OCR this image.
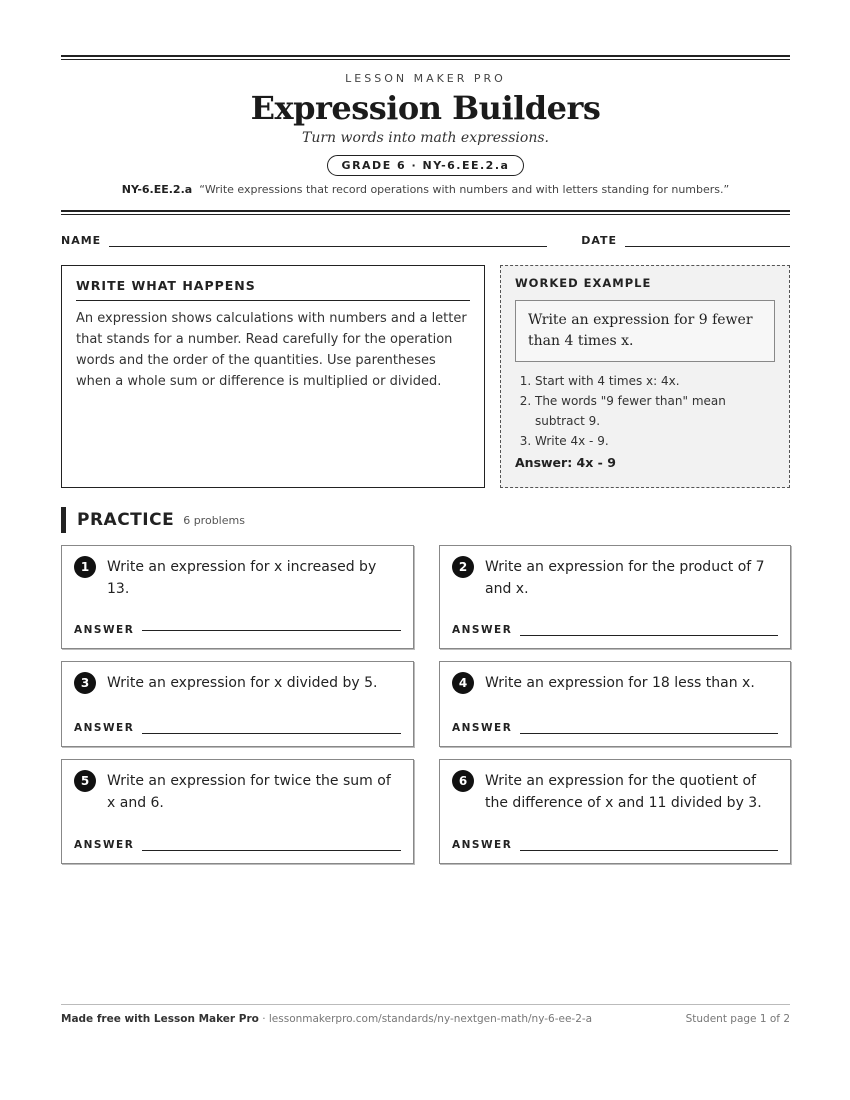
LESSON MAKER PRO
Expression Builders
Turn words into math expressions.
GRADE 6 · NY-6.EE.2.a
NY-6.EE.2.a “Write expressions that record operations with numbers and with letters standing for numbers.”
NAME	DATE
WRITE WHAT HAPPENS

An expression shows calculations with numbers and a letter that stands for a number. Read carefully for the operation words and the order of the quantities. Use parentheses when a whole sum or difference is multiplied or divided.

WORKED EXAMPLE
Write an expression for 9 fewer than 4 times x.
1. Start with 4 times x: 4x.
2. The words "9 fewer than" mean subtract 9.
3. Write 4x - 9.
Answer: 4x - 9
PRACTICE 6 problems
1	Write an expression for x increased by 13.
ANSWER
2	Write an expression for the product of 7 and x.
ANSWER
3	Write an expression for x divided by 5.
ANSWER
4	Write an expression for 18 less than x.
ANSWER
5	Write an expression for twice the sum of x and 6.
ANSWER
6	Write an expression for the quotient of the difference of x and 11 divided by 3.
ANSWER
Made free with Lesson Maker Pro · lessonmakerpro.com/standards/ny-nextgen-math/ny-6-ee-2-a	Student page 1 of 2
